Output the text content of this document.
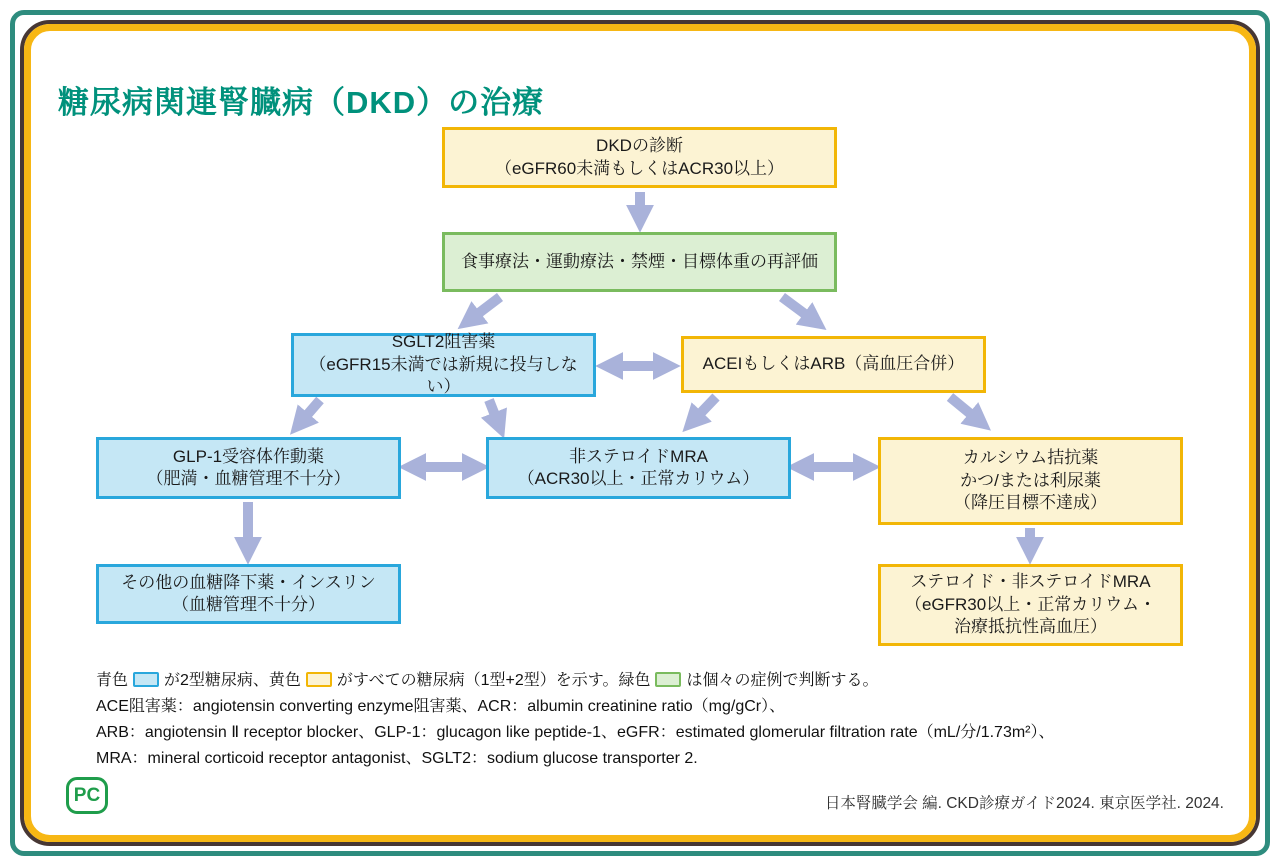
糖尿病関連腎臓病（DKD）の治療
DKDの診断
（eGFR60未満もしくはACR30以上）
食事療法・運動療法・禁煙・目標体重の再評価
SGLT2阻害薬
（eGFR15未満では新規に投与しない）
ACEIもしくはARB（高血圧合併）
GLP-1受容体作動薬
（肥満・血糖管理不十分）
非ステロイドMRA
（ACR30以上・正常カリウム）
カルシウム拮抗薬
かつ/または利尿薬
（降圧目標不達成）
その他の血糖降下薬・インスリン
（血糖管理不十分）
ステロイド・非ステロイドMRA
（eGFR30以上・正常カリウム・
治療抵抗性高血圧）
青色 が2型糖尿病、黄色 がすべての糖尿病（1型+2型）を示す。緑色 は個々の症例で判断する。
ACE阻害薬：angiotensin converting enzyme阻害薬、ACR：albumin creatinine ratio（mg/gCr）、
ARB：angiotensin Ⅱ receptor blocker、GLP-1：glucagon like peptide-1、eGFR：estimated glomerular filtration rate（mL/分/1.73m²）、
MRA：mineral corticoid receptor antagonist、SGLT2：sodium glucose transporter 2.
PC	日本腎臓学会 編. CKD診療ガイド2024. 東京医学社. 2024.
